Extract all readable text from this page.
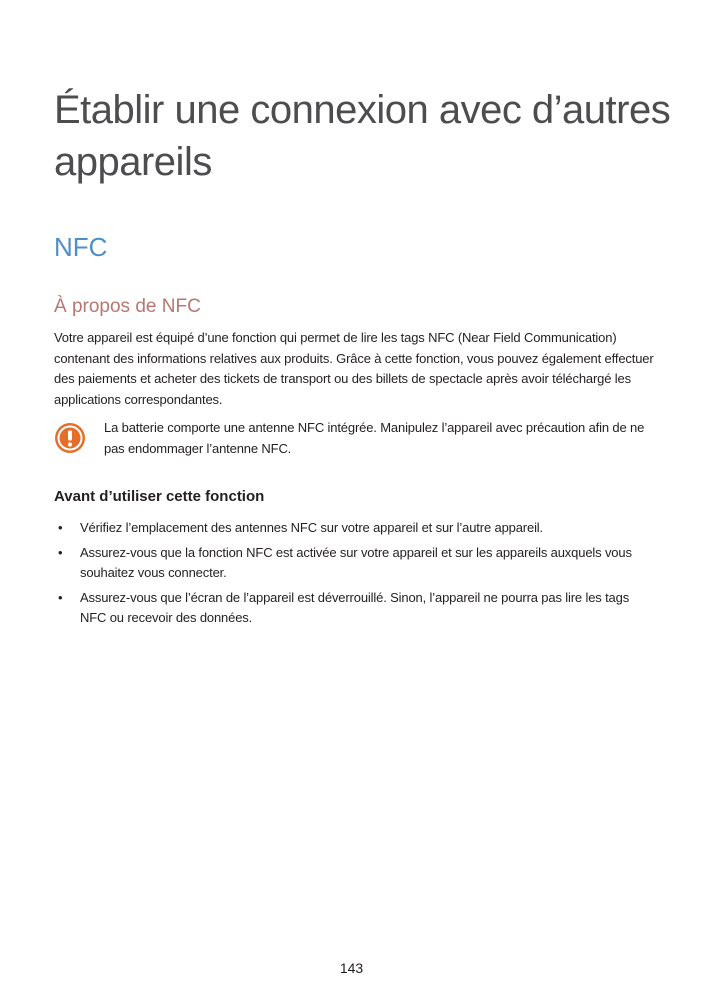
Établir une connexion avec d’autres appareils
NFC
À propos de NFC

Votre appareil est équipé d’une fonction qui permet de lire les tags NFC (Near Field Communication) contenant des informations relatives aux produits. Grâce à cette fonction, vous pouvez également effectuer des paiements et acheter des tickets de transport ou des billets de spectacle après avoir téléchargé les applications correspondantes.

La batterie comporte une antenne NFC intégrée. Manipulez l’appareil avec précaution afin de ne pas endommager l’antenne NFC.

Avant d’utiliser cette fonction
• Vérifiez l’emplacement des antennes NFC sur votre appareil et sur l’autre appareil.
• Assurez-vous que la fonction NFC est activée sur votre appareil et sur les appareils auxquels vous souhaitez vous connecter.
• Assurez-vous que l’écran de l’appareil est déverrouillé. Sinon, l’appareil ne pourra pas lire les tags NFC ou recevoir des données.
143
